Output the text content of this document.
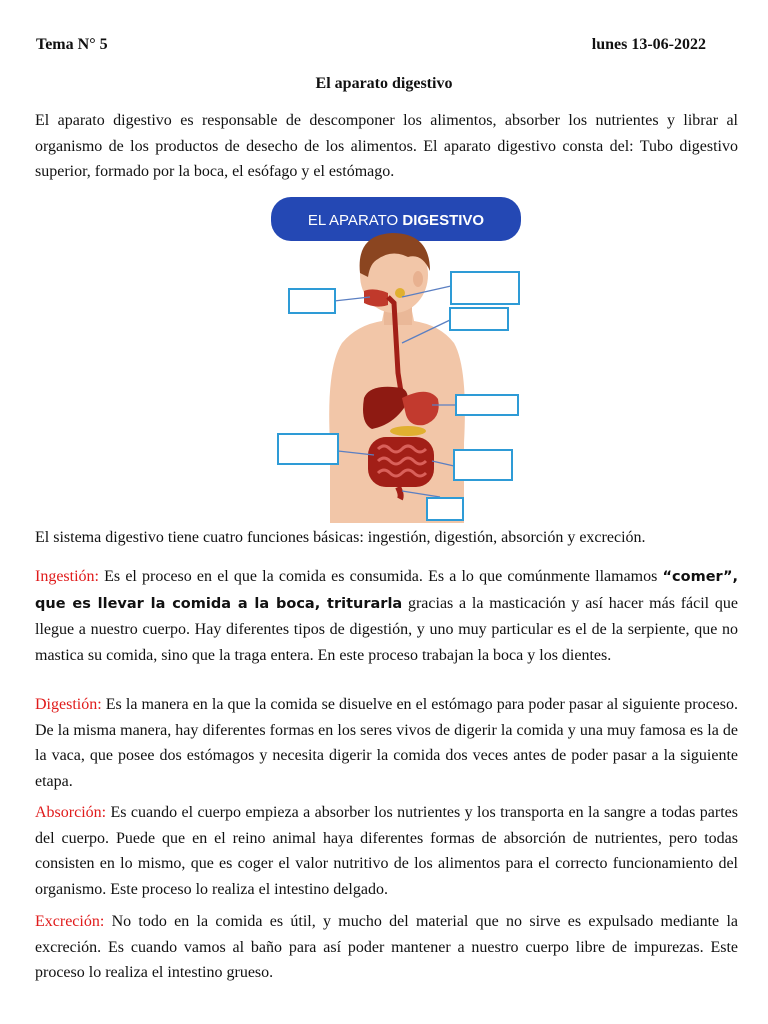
Tema N° 5	lunes 13-06-2022
El aparato digestivo

El aparato digestivo es responsable de descomponer los alimentos, absorber los nutrientes y librar al organismo de los productos de desecho de los alimentos. El aparato digestivo consta del: Tubo digestivo superior, formado por la boca, el esófago y el estómago.

EL APARATO DIGESTIVO

El sistema digestivo tiene cuatro funciones básicas: ingestión, digestión, absorción y excreción.

Ingestión: Es el proceso en el que la comida es consumida. Es a lo que comúnmente llamamos “comer”, que es llevar la comida a la boca, triturarla gracias a la masticación y así hacer más fácil que llegue a nuestro cuerpo. Hay diferentes tipos de digestión, y uno muy particular es el de la serpiente, que no mastica su comida, sino que la traga entera. En este proceso trabajan la boca y los dientes.

Digestión: Es la manera en la que la comida se disuelve en el estómago para poder pasar al siguiente proceso. De la misma manera, hay diferentes formas en los seres vivos de digerir la comida y una muy famosa es la de la vaca, que posee dos estómagos y necesita digerir la comida dos veces antes de poder pasar a la siguiente etapa.

Absorción: Es cuando el cuerpo empieza a absorber los nutrientes y los transporta en la sangre a todas partes del cuerpo. Puede que en el reino animal haya diferentes formas de absorción de nutrientes, pero todas consisten en lo mismo, que es coger el valor nutritivo de los alimentos para el correcto funcionamiento del organismo. Este proceso lo realiza el intestino delgado.

Excreción: No todo en la comida es útil, y mucho del material que no sirve es expulsado mediante la excreción. Es cuando vamos al baño para así poder mantener a nuestro cuerpo libre de impurezas. Este proceso lo realiza el intestino grueso.
